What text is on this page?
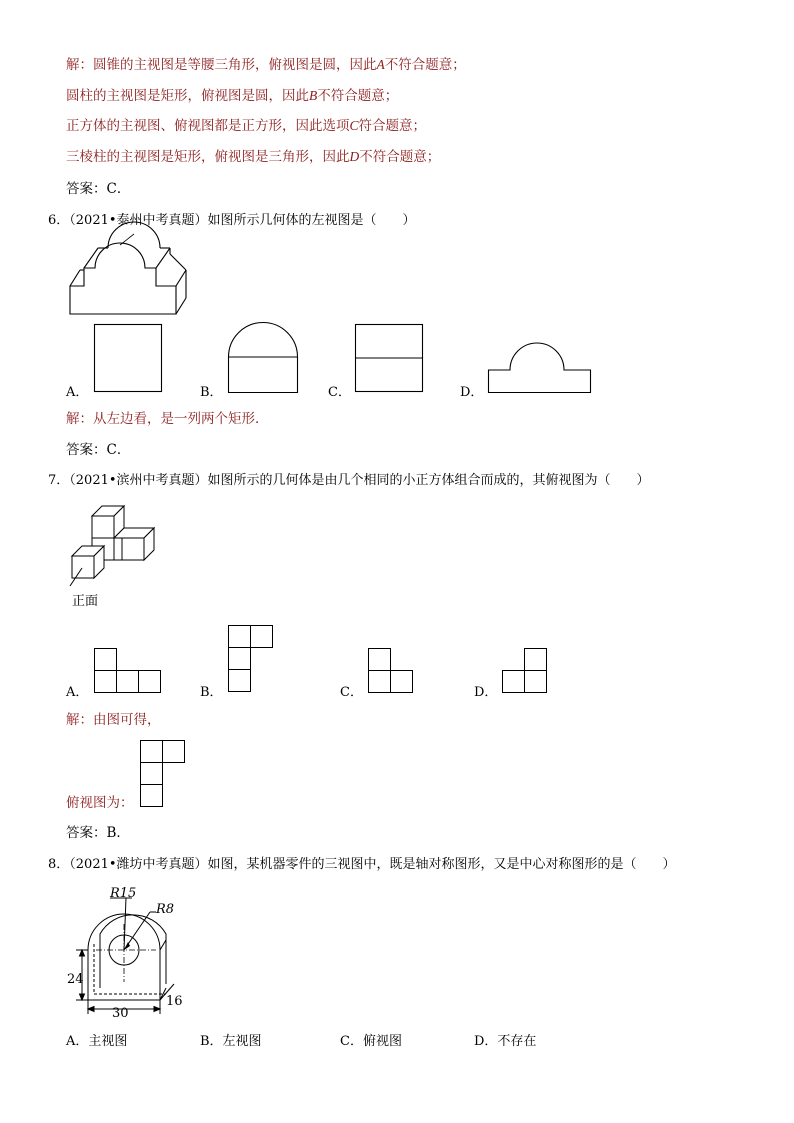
解：圆锥的主视图是等腰三角形，俯视图是圆，因此A不符合题意；
圆柱的主视图是矩形，俯视图是圆，因此B不符合题意；
正方体的主视图、俯视图都是正方形，因此选项C符合题意；
三棱柱的主视图是矩形，俯视图是三角形，因此D不符合题意；
答案：C．
6．（2021•泰州中考真题）如图所示几何体的左视图是（　　）
A．	B．	C．	D．
解：从左边看，是一列两个矩形．
答案：C．
7．（2021•滨州中考真题）如图所示的几何体是由几个相同的小正方体组合而成的，其俯视图为（　　）
正面
A．	B．	C．	D．
解：由图可得，
俯视图为：
答案：B．
8．（2021•潍坊中考真题）如图，某机器零件的三视图中，既是轴对称图形，又是中心对称图形的是（　　）
R15
R8
24
16
30
A．主视图	B．左视图	C．俯视图	D．不存在
